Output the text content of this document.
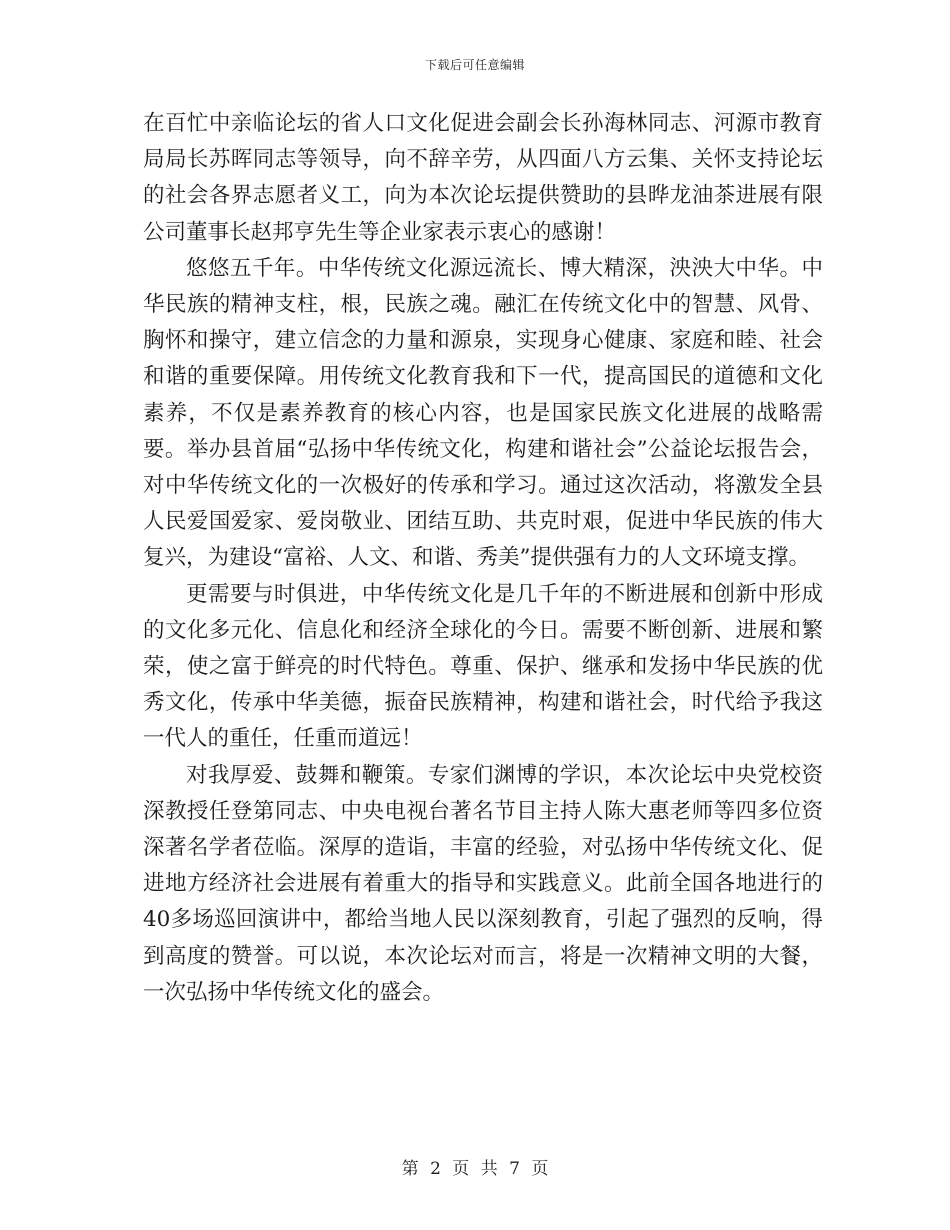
下载后可任意编辑

在百忙中亲临论坛的省人口文化促进会副会长孙海林同志、河源市教育局局长苏晖同志等领导，向不辞辛劳，从四面八方云集、关怀支持论坛的社会各界志愿者义工，向为本次论坛提供赞助的县晔龙油茶进展有限公司董事长赵邦亨先生等企业家表示衷心的感谢！

悠悠五千年。中华传统文化源远流长、博大精深，泱泱大中华。中华民族的精神支柱，根，民族之魂。融汇在传统文化中的智慧、风骨、胸怀和操守，建立信念的力量和源泉，实现身心健康、家庭和睦、社会和谐的重要保障。用传统文化教育我和下一代，提高国民的道德和文化素养，不仅是素养教育的核心内容，也是国家民族文化进展的战略需要。举办县首届“弘扬中华传统文化，构建和谐社会”公益论坛报告会，对中华传统文化的一次极好的传承和学习。通过这次活动，将激发全县人民爱国爱家、爱岗敬业、团结互助、共克时艰，促进中华民族的伟大复兴，为建设“富裕、人文、和谐、秀美”提供强有力的人文环境支撑。

更需要与时俱进，中华传统文化是几千年的不断进展和创新中形成的文化多元化、信息化和经济全球化的今日。需要不断创新、进展和繁荣，使之富于鲜亮的时代特色。尊重、保护、继承和发扬中华民族的优秀文化，传承中华美德，振奋民族精神，构建和谐社会，时代给予我这一代人的重任，任重而道远！

对我厚爱、鼓舞和鞭策。专家们渊博的学识，本次论坛中央党校资深教授任登第同志、中央电视台著名节目主持人陈大惠老师等四多位资深著名学者莅临。深厚的造诣，丰富的经验，对弘扬中华传统文化、促进地方经济社会进展有着重大的指导和实践意义。此前全国各地进行的40多场巡回演讲中，都给当地人民以深刻教育，引起了强烈的反响，得到高度的赞誉。可以说，本次论坛对而言，将是一次精神文明的大餐，一次弘扬中华传统文化的盛会。

第 2 页 共 7 页
